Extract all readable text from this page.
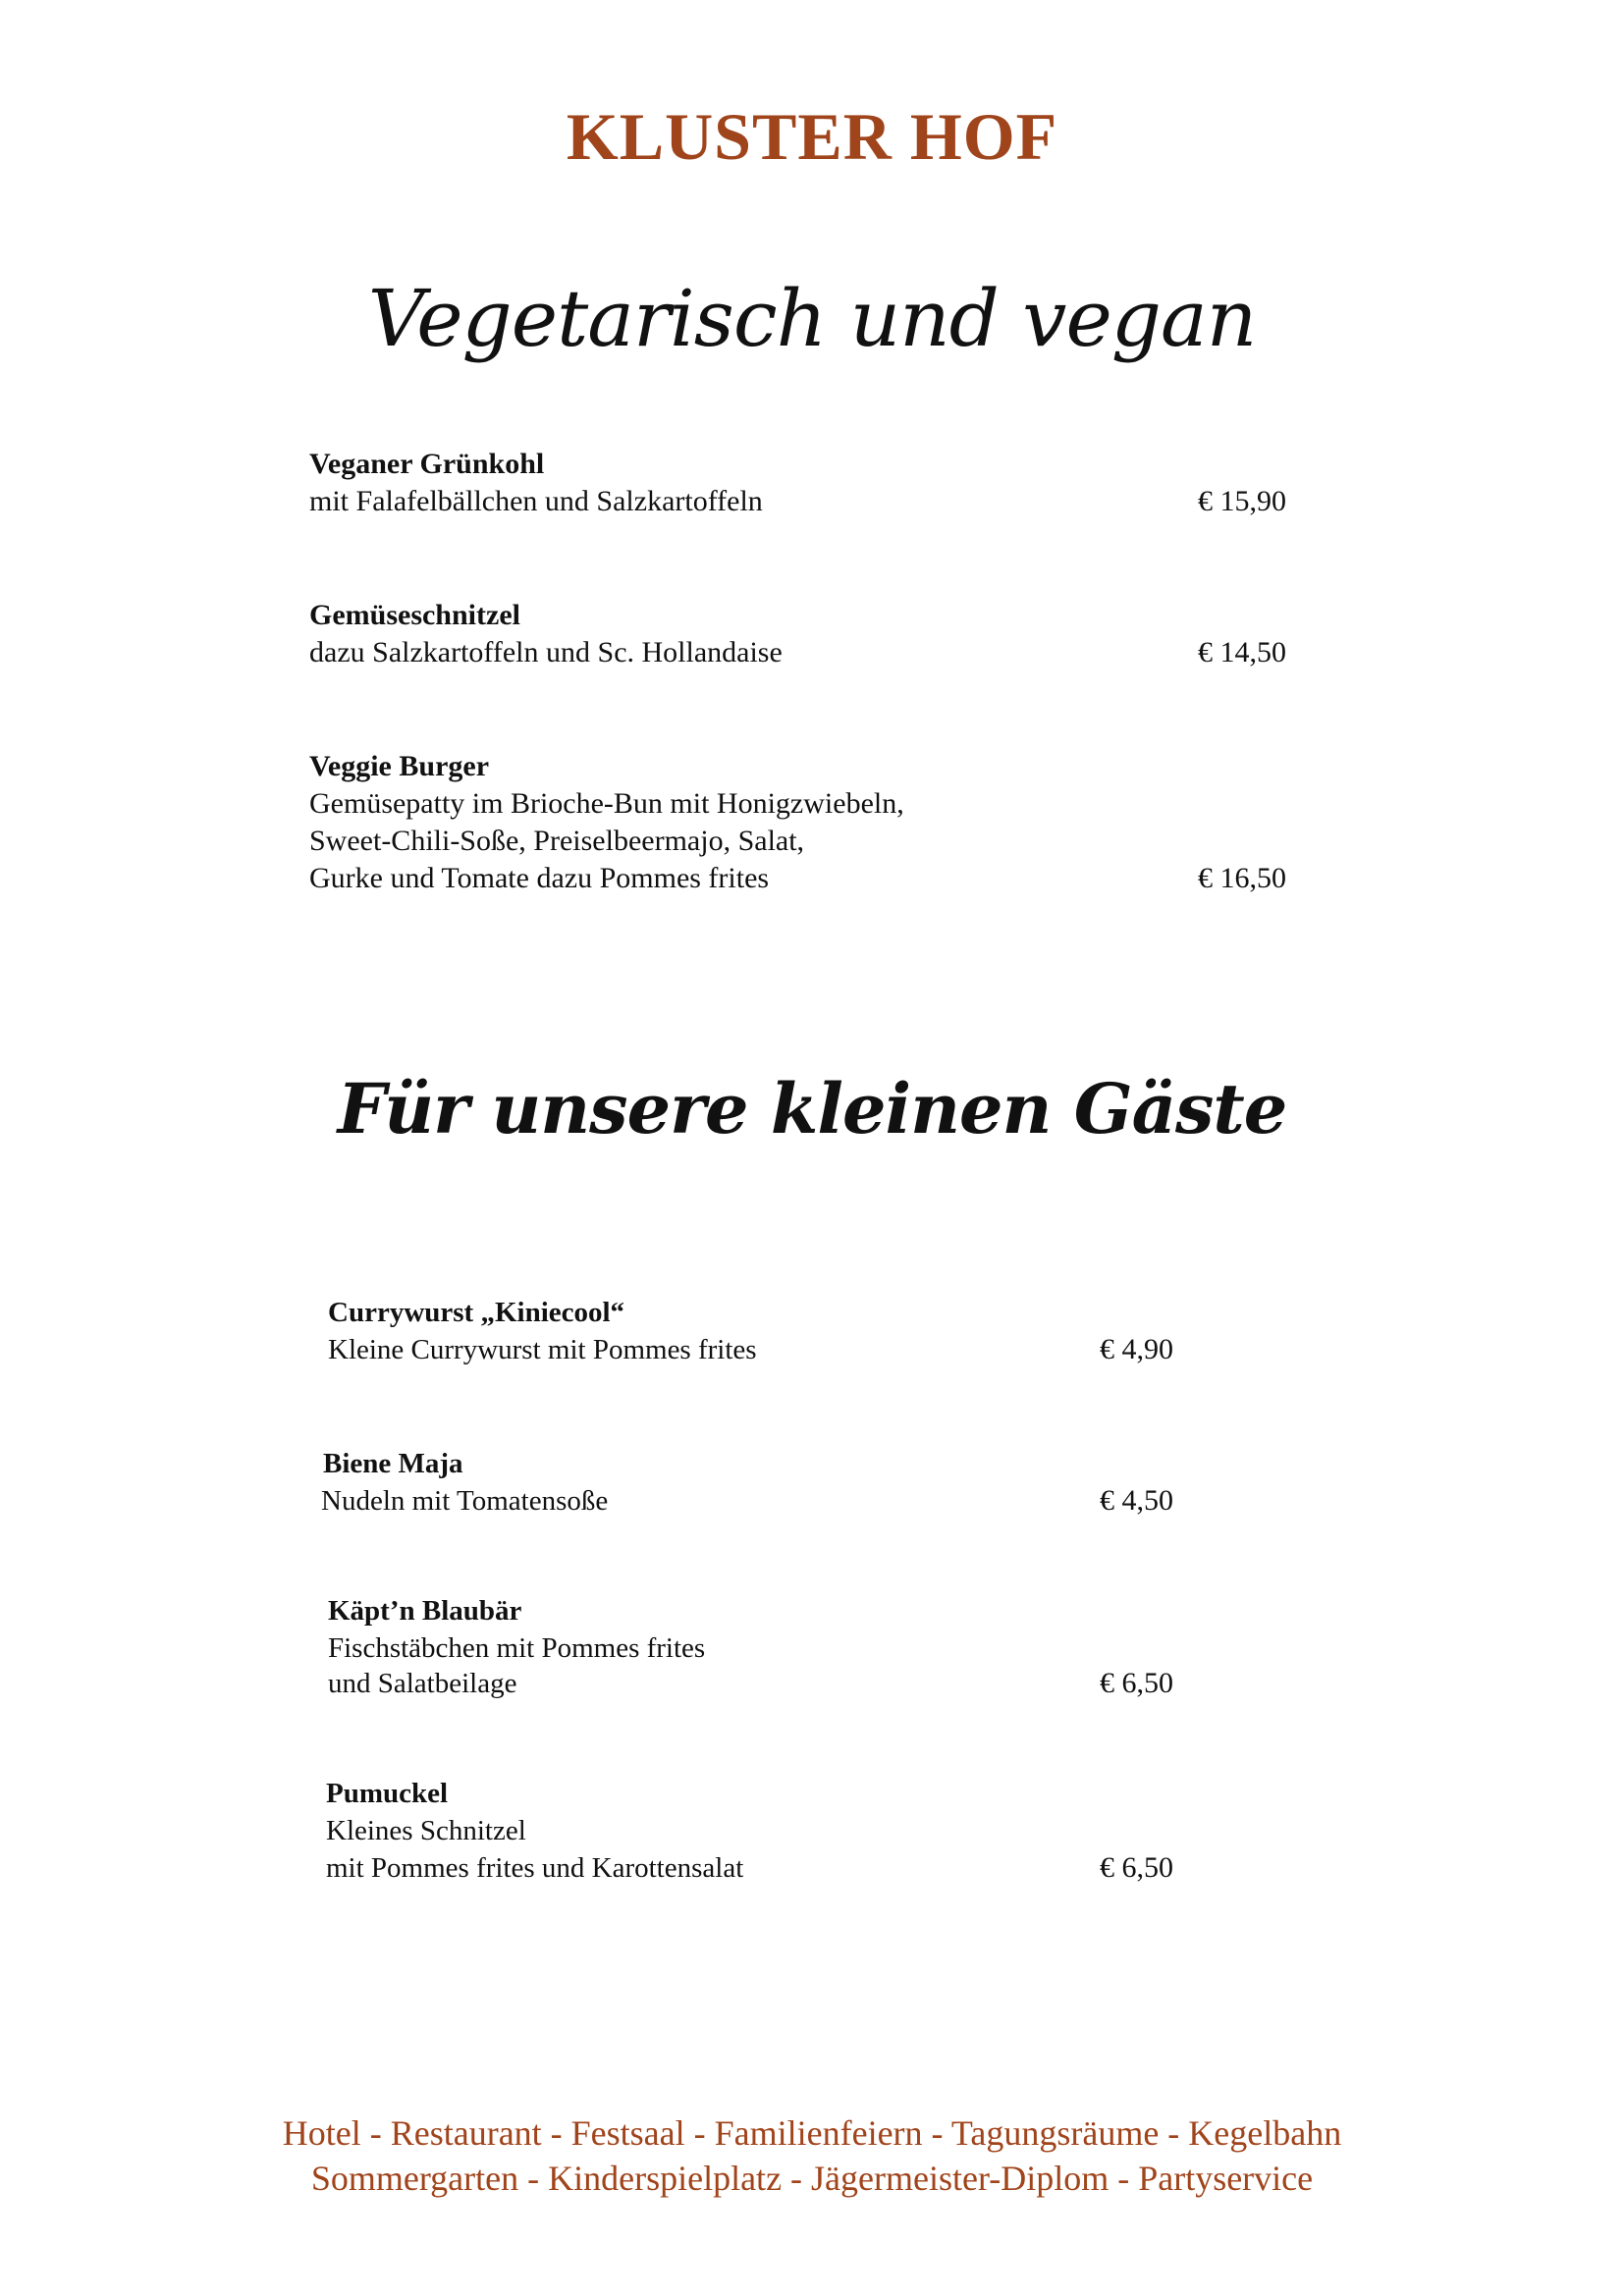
KLUSTER HOF
Vegetarisch und vegan
Veganer Grünkohl
mit Falafelbällchen und Salzkartoffeln	€ 15,90
Gemüseschnitzel
dazu Salzkartoffeln und Sc. Hollandaise	€ 14,50
Veggie Burger
Gemüsepatty im Brioche-Bun mit Honigzwiebeln,
Sweet-Chili-Soße, Preiselbeermajo, Salat,
Gurke und Tomate dazu Pommes frites	€ 16,50
Für unsere kleinen Gäste
Currywurst „Kiniecool“
Kleine Currywurst mit Pommes frites	€ 4,90
Biene Maja
Nudeln mit Tomatensoße	€ 4,50
Käpt’n Blaubär
Fischstäbchen mit Pommes frites
und Salatbeilage	€ 6,50
Pumuckel
Kleines Schnitzel
mit Pommes frites und Karottensalat	€ 6,50
Hotel - Restaurant - Festsaal - Familienfeiern - Tagungsräume - Kegelbahn
Sommergarten - Kinderspielplatz - Jägermeister-Diplom - Partyservice
